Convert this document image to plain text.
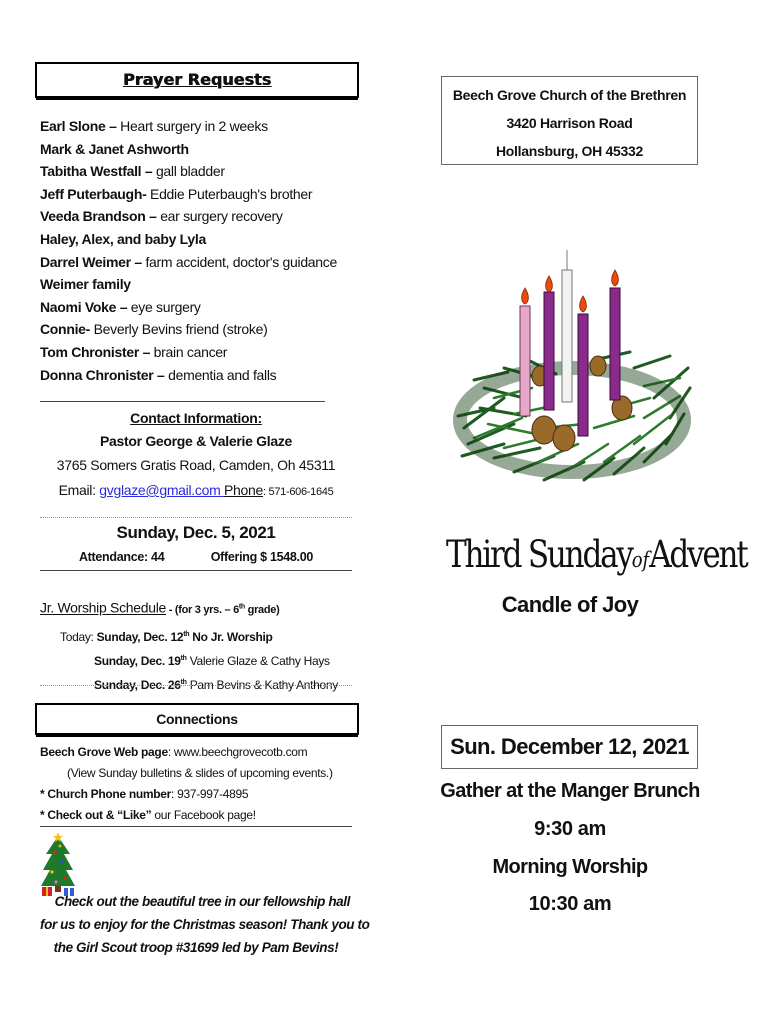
Prayer Requests
Earl Slone – Heart surgery in 2 weeks
Mark & Janet Ashworth
Tabitha Westfall – gall bladder
Jeff Puterbaugh- Eddie Puterbaugh's brother
Veeda Brandson – ear surgery recovery
Haley, Alex, and baby Lyla
Darrel Weimer – farm accident, doctor's guidance
Weimer family
Naomi Voke – eye surgery
Connie- Beverly Bevins friend (stroke)
Tom Chronister – brain cancer
Donna Chronister – dementia and falls
Contact Information:
Pastor George & Valerie Glaze
3765 Somers Gratis Road, Camden, Oh 45311
Email: gvglaze@gmail.com Phone: 571-606-1645
Sunday, Dec. 5, 2021
Attendance: 44	Offering $ 1548.00
Jr. Worship Schedule - (for 3 yrs. – 6th grade)
Today: Sunday, Dec. 12th No Jr. Worship
Sunday, Dec. 19th Valerie Glaze & Cathy Hays
Sunday, Dec. 26th Pam Bevins & Kathy Anthony
Connections
Beech Grove Web page: www.beechgrovecotb.com
(View Sunday bulletins & slides of upcoming events.)
* Church Phone number: 937-997-4895
* Check out & “Like” our Facebook page!
Check out the beautiful tree in our fellowship hall
for us to enjoy for the Christmas season! Thank you to
the Girl Scout troop #31699 led by Pam Bevins!
Beech Grove Church of the Brethren
3420 Harrison Road
Hollansburg, OH 45332
Third SundayofAdvent
Candle of Joy
Sun. December 12, 2021
Gather at the Manger Brunch
9:30 am
Morning Worship
10:30 am
